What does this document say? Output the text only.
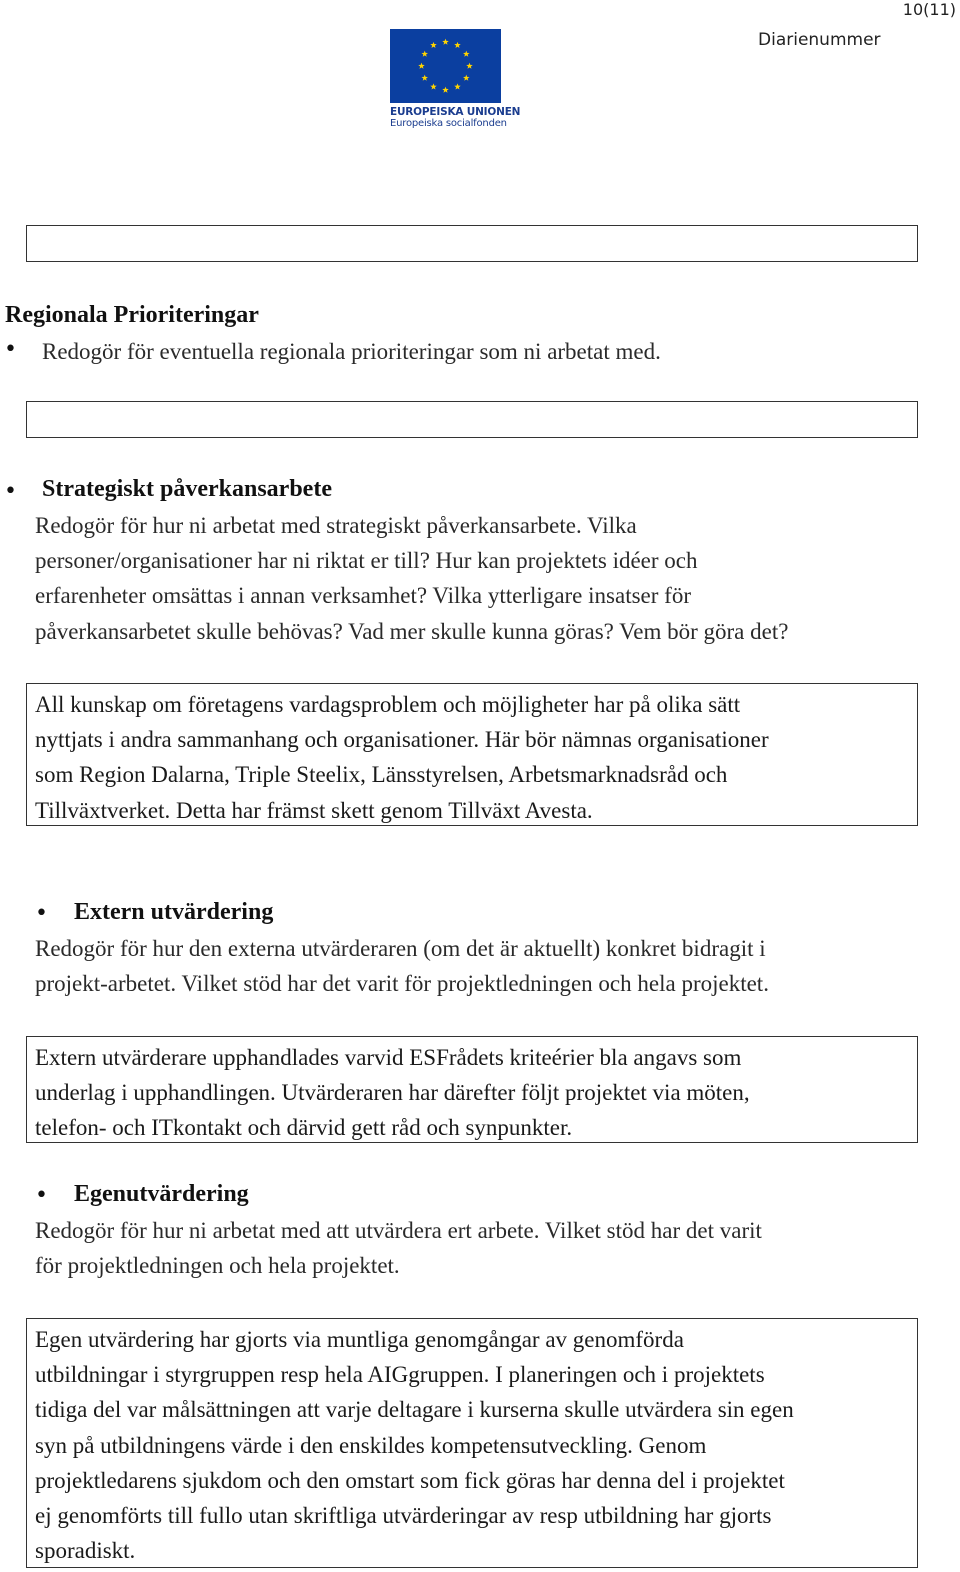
10(11)
Diarienummer
EUROPEISKA UNIONEN
Europeiska socialfonden
Regionala Prioriteringar
• Redogör för eventuella regionala prioriteringar som ni arbetat med.
• Strategiskt påverkansarbete
Redogör för hur ni arbetat med strategiskt påverkansarbete. Vilka
personer/organisationer har ni riktat er till? Hur kan projektets idéer och
erfarenheter omsättas i annan verksamhet? Vilka ytterligare insatser för
påverkansarbetet skulle behövas? Vad mer skulle kunna göras? Vem bör göra det?
All kunskap om företagens vardagsproblem och möjligheter har på olika sätt
nyttjats i andra sammanhang och organisationer. Här bör nämnas organisationer
som Region Dalarna, Triple Steelix, Länsstyrelsen, Arbetsmarknadsråd och
Tillväxtverket. Detta har främst skett genom Tillväxt Avesta.
• Extern utvärdering
Redogör för hur den externa utvärderaren (om det är aktuellt) konkret bidragit i
projekt-arbetet. Vilket stöd har det varit för projektledningen och hela projektet.
Extern utvärderare upphandlades varvid ESFrådets kriteérier bla angavs som
underlag i upphandlingen. Utvärderaren har därefter följt projektet via möten,
telefon- och ITkontakt och därvid gett råd och synpunkter.
• Egenutvärdering
Redogör för hur ni arbetat med att utvärdera ert arbete. Vilket stöd har det varit
för projektledningen och hela projektet.
Egen utvärdering har gjorts via muntliga genomgångar av genomförda
utbildningar i styrgruppen resp hela AIGgruppen. I planeringen och i projektets
tidiga del var målsättningen att varje deltagare i kurserna skulle utvärdera sin egen
syn på utbildningens värde i den enskildes kompetensutveckling. Genom
projektledarens sjukdom och den omstart som fick göras har denna del i projektet
ej genomförts till fullo utan skriftliga utvärderingar av resp utbildning har gjorts
sporadiskt.
